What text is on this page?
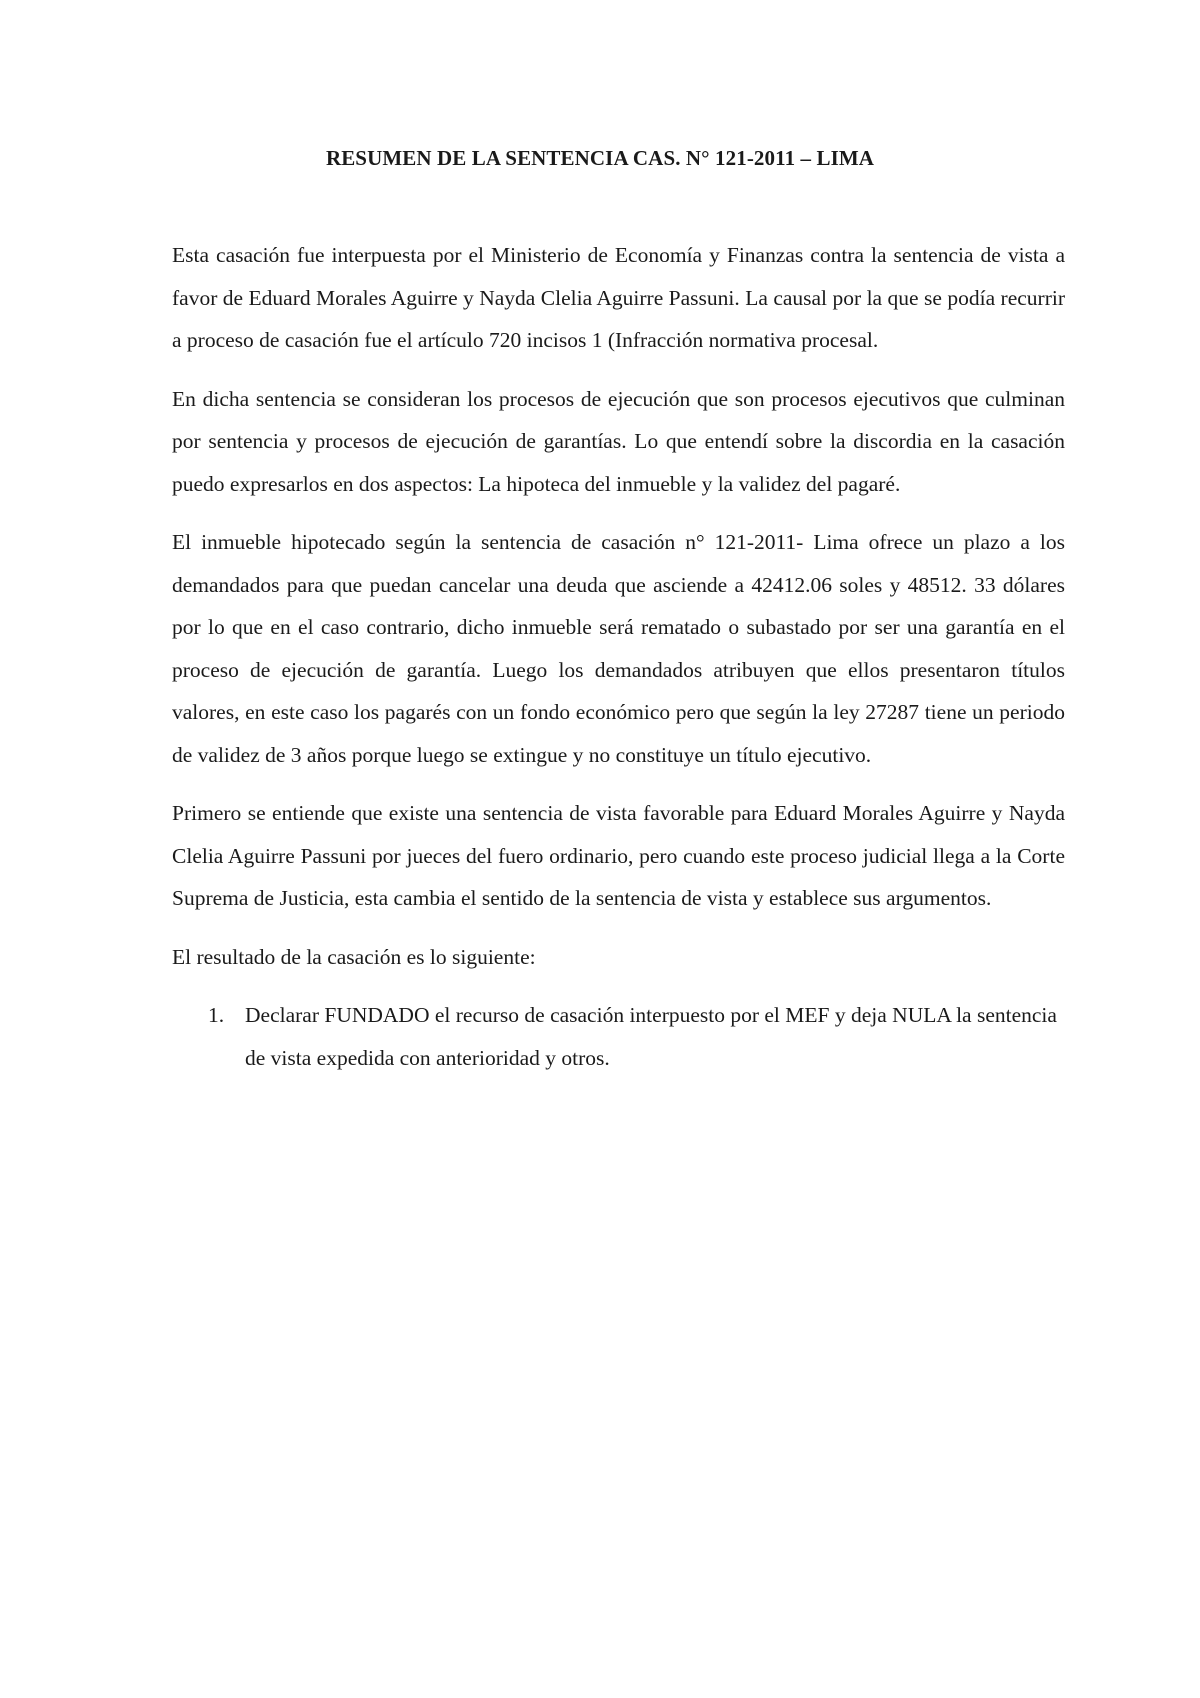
RESUMEN DE LA SENTENCIA CAS. N° 121-2011 – LIMA

Esta casación fue interpuesta por el Ministerio de Economía y Finanzas contra la sentencia de vista a favor de Eduard Morales Aguirre y Nayda Clelia Aguirre Passuni. La causal por la que se podía recurrir a proceso de casación fue el artículo 720 incisos 1 (Infracción normativa procesal.

En dicha sentencia se consideran los procesos de ejecución que son procesos ejecutivos que culminan por sentencia y procesos de ejecución de garantías. Lo que entendí sobre la discordia en la casación puedo expresarlos en dos aspectos: La hipoteca del inmueble y la validez del pagaré.

El inmueble hipotecado según la sentencia de casación n° 121-2011- Lima ofrece un plazo a los demandados para que puedan cancelar una deuda que asciende a 42412.06 soles y 48512. 33 dólares por lo que en el caso contrario, dicho inmueble será rematado o subastado por ser una garantía en el proceso de ejecución de garantía. Luego los demandados atribuyen que ellos presentaron títulos valores, en este caso los pagarés con un fondo económico pero que según la ley 27287 tiene un periodo de validez de 3 años porque luego se extingue y no constituye un título ejecutivo.

Primero se entiende que existe una sentencia de vista favorable para Eduard Morales Aguirre y Nayda Clelia Aguirre Passuni por jueces del fuero ordinario, pero cuando este proceso judicial llega a la Corte Suprema de Justicia, esta cambia el sentido de la sentencia de vista y establece sus argumentos.

El resultado de la casación es lo siguiente:

1. Declarar FUNDADO el recurso de casación interpuesto por el MEF y deja NULA la sentencia de vista expedida con anterioridad y otros.
